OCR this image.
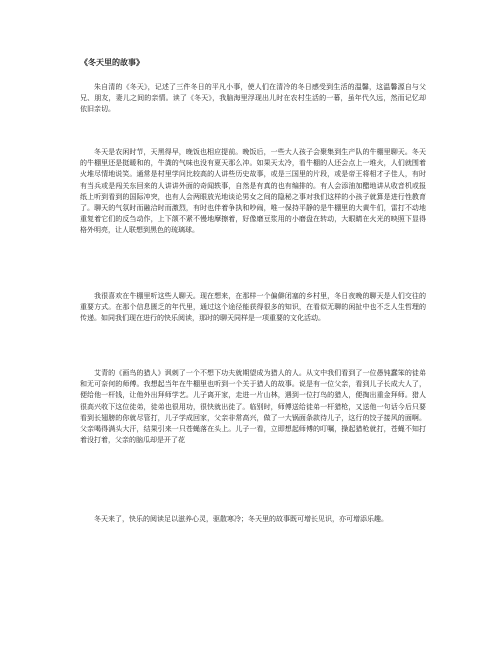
《冬天里的故事》

朱自清的《冬天》，记述了三件冬日的平凡小事，使人们在清冷的冬日感受到生活的温馨，这温馨源自与父兄、朋友，妻儿之间的亲情。读了《冬天》，我脑海里浮现出儿时在农村生活的一幕，虽年代久远，然而记忆却依旧亲切。

冬天是农闲时节，天黑得早，晚饭也相应提前。晚饭后，一些大人孩子会聚集到生产队的牛棚里聊天。冬天的牛棚里还是挺暖和的，牛粪的气味也没有夏天那么冲。如果天太冷，看牛棚的人还会点上一堆火，人们就围着火堆尽情地说笑。通常是村里学问比较高的人讲些历史故事，或是三国里的片段，或是帝王将相才子佳人，有时有当兵或是闯关东回来的人讲讲外面的奇闻轶事，自然是有真的也有编排的。有人会添油加醋地讲从收音机或报纸上听到看到的国际冲突，也有人会两眼放光地谈论男女之间的隐秘之事对我们这样的小孩子就算是进行性教育了。聊天的气氛时而融洽时而激烈，有时也伴着争执和吵闹，唯一保持平静的是牛棚里的大黄牛们，雷打不动地重复着它们的反刍动作，上下颌不紧不慢地摩擦着，好像磨豆浆用的小磨盘在转动，大眼睛在火光的映照下显得格外明亮，让人联想到黑色的琉璃球。

我很喜欢在牛棚里听这些人聊天。现在想来，在那样一个偏僻闭塞的乡村里，冬日夜晚的聊天是人们交往的重要方式。在那个信息匮乏的年代里，通过这个途径能获得很多的知识，在看似无聊的闲扯中也不乏人生哲理的传递。如同我们现在进行的快乐阅读，那时的聊天同样是一项重要的文化活动。

艾青的《画鸟的猎人》讽刺了一个不想下功夫就期望成为猎人的人。从文中我们看到了一位愚钝蠢笨的徒弟和无可奈何的师傅。我想起当年在牛棚里也听到一个关于猎人的故事。说是有一位父亲，看到儿子长成大人了，便给他一杆钱，让他外出拜师学艺。儿子离开家，走进一片山林，遇到一位打鸟的猎人，便掏出重金拜师。猎人很高兴收下这位徒弟，徒弟也很用功，很快就出徒了。临别时，师傅送给徒弟一杆猎枪，又送他一句话今后只要看到长翅膀的你就尽管打，儿子学成回家，父亲非常高兴，做了一大锅面条款待儿子，这行的饺子接风的面啊。父亲喝得满头大汗，结果引来一只苍蝇落在头上。儿子一看，立即想起师傅的叮嘱，操起猎枪就打，苍蝇不知打着没打着，父亲的脑瓜却是开了花

冬天来了，快乐的阅读足以滋养心灵，驱散寒冷；冬天里的故事既可增长见识，亦可增添乐趣。
